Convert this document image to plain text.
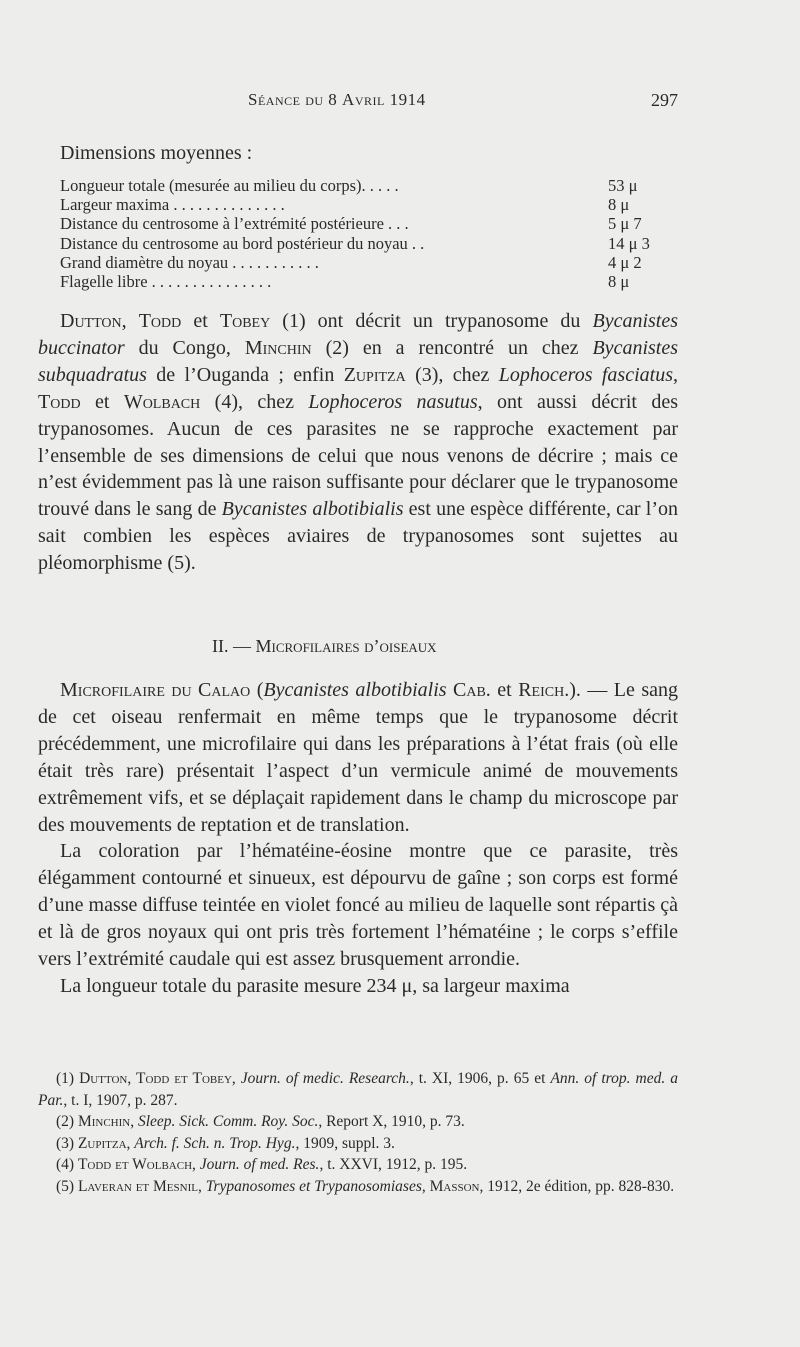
Séance du 8 Avril 1914	297
Dimensions moyennes :
Longueur totale (mesurée au milieu du corps). . . . .	53 μ
Largeur maxima . . . . . . . . . . . . . .	8 μ
Distance du centrosome à l’extrémité postérieure . . .	5 μ 7
Distance du centrosome au bord postérieur du noyau . .	14 μ 3
Grand diamètre du noyau . . . . . . . . . . .	4 μ 2
Flagelle libre . . . . . . . . . . . . . . .	8 μ

Dutton, Todd et Tobey (1) ont décrit un trypanosome du Bycanistes buccinator du Congo, Minchin (2) en a rencontré un chez Bycanistes subquadratus de l’Ouganda ; enfin Zupitza (3), chez Lophoceros fasciatus, Todd et Wolbach (4), chez Lophoceros nasutus, ont aussi décrit des trypanosomes. Aucun de ces parasites ne se rapproche exactement par l’ensemble de ses dimensions de celui que nous venons de décrire ; mais ce n’est évidemment pas là une raison suffisante pour déclarer que le trypanosome trouvé dans le sang de Bycanistes albotibialis est une espèce différente, car l’on sait combien les espèces aviaires de trypanosomes sont sujettes au pléomorphisme (5).

II. — Microfilaires d’oiseaux

Microfilaire du Calao (Bycanistes albotibialis Cab. et Reich.). — Le sang de cet oiseau renfermait en même temps que le trypanosome décrit précédemment, une microfilaire qui dans les préparations à l’état frais (où elle était très rare) présentait l’aspect d’un vermicule animé de mouvements extrêmement vifs, et se déplaçait rapidement dans le champ du microscope par des mouvements de reptation et de translation.

La coloration par l’hématéine-éosine montre que ce parasite, très élégamment contourné et sinueux, est dépourvu de gaîne ; son corps est formé d’une masse diffuse teintée en violet foncé au milieu de laquelle sont répartis çà et là de gros noyaux qui ont pris très fortement l’hématéine ; le corps s’effile vers l’extrémité caudale qui est assez brusquement arrondie.

La longueur totale du parasite mesure 234 μ, sa largeur maxima

(1) Dutton, Todd et Tobey, Journ. of medic. Research., t. XI, 1906, p. 65 et Ann. of trop. med. a Par., t. I, 1907, p. 287.

(2) Minchin, Sleep. Sick. Comm. Roy. Soc., Report X, 1910, p. 73.

(3) Zupitza, Arch. f. Sch. n. Trop. Hyg., 1909, suppl. 3.

(4) Todd et Wolbach, Journ. of med. Res., t. XXVI, 1912, p. 195.

(5) Laveran et Mesnil, Trypanosomes et Trypanosomiases, Masson, 1912, 2e édition, pp. 828-830.
